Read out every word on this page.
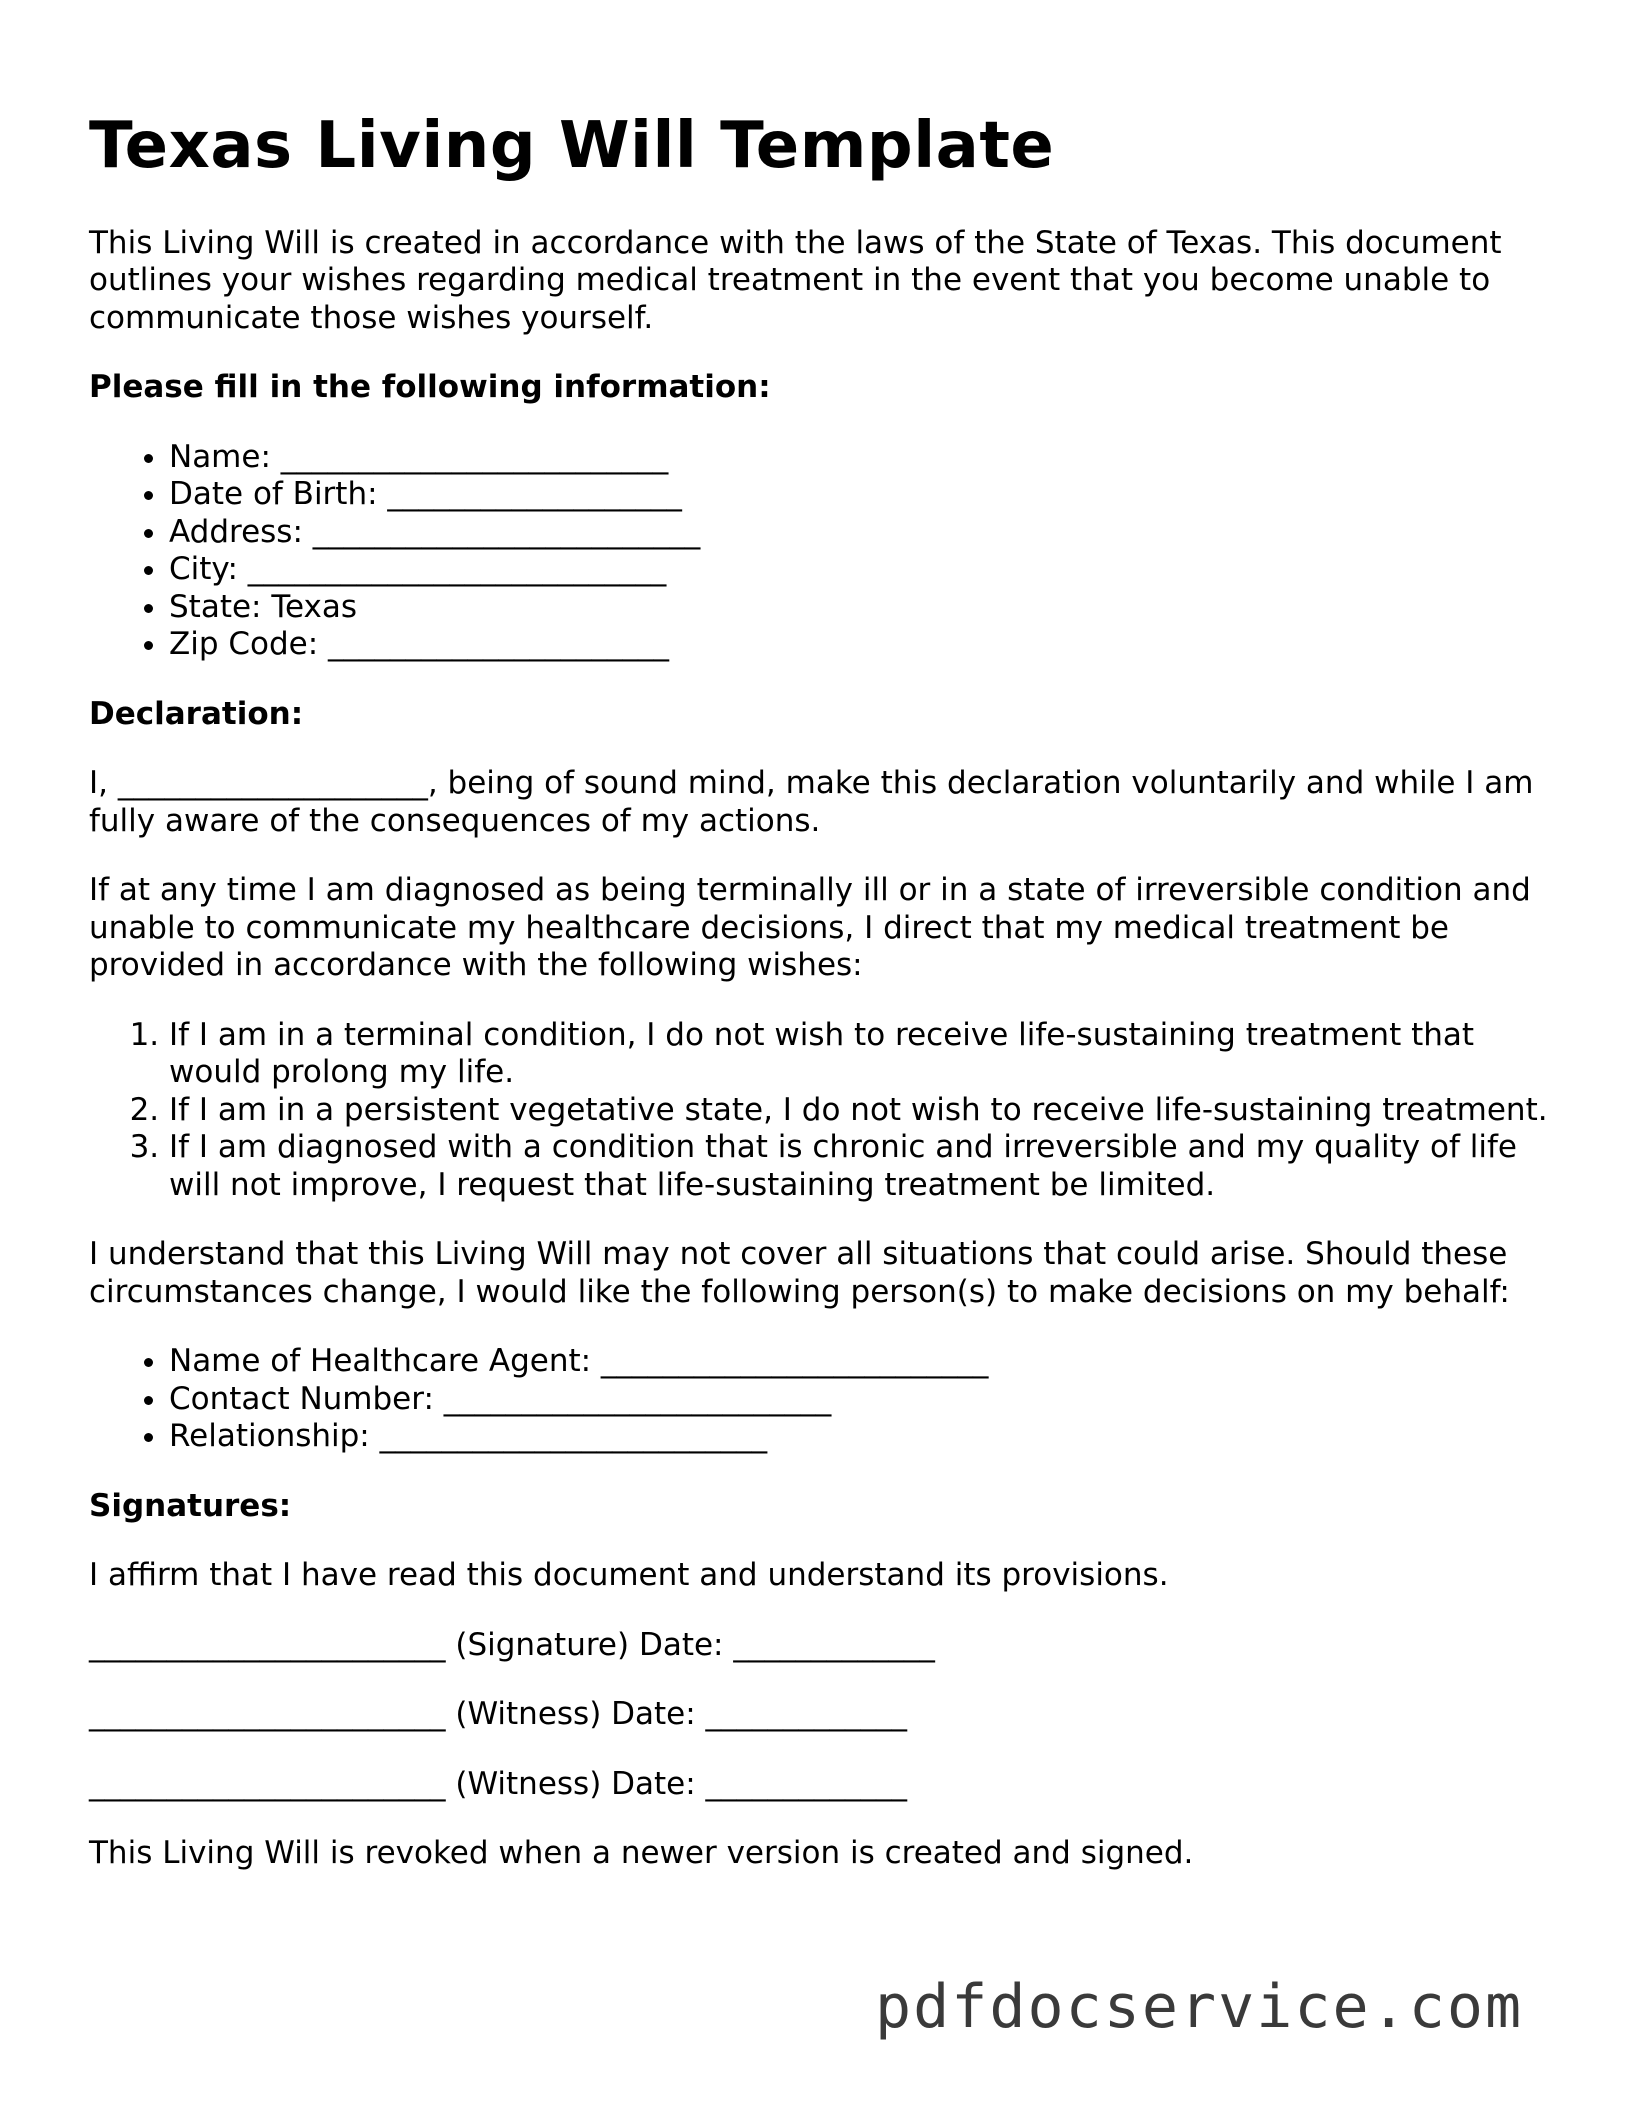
Texas Living Will Template

This Living Will is created in accordance with the laws of the State of Texas. This document outlines your wishes regarding medical treatment in the event that you become unable to communicate those wishes yourself.

Please fill in the following information:

• Name: _________________________
• Date of Birth: ___________________
• Address: _________________________
• City: ___________________________
• State: Texas
• Zip Code: ______________________

Declaration:

I, ____________________, being of sound mind, make this declaration voluntarily and while I am fully aware of the consequences of my actions.

If at any time I am diagnosed as being terminally ill or in a state of irreversible condition and unable to communicate my healthcare decisions, I direct that my medical treatment be provided in accordance with the following wishes:

1. If I am in a terminal condition, I do not wish to receive life-sustaining treatment that would prolong my life.
2. If I am in a persistent vegetative state, I do not wish to receive life-sustaining treatment.
3. If I am diagnosed with a condition that is chronic and irreversible and my quality of life will not improve, I request that life-sustaining treatment be limited.

I understand that this Living Will may not cover all situations that could arise. Should these circumstances change, I would like the following person(s) to make decisions on my behalf:

• Name of Healthcare Agent: _________________________
• Contact Number: _________________________
• Relationship: _________________________

Signatures:

I affirm that I have read this document and understand its provisions.

_______________________ (Signature) Date: _____________

_______________________ (Witness) Date: _____________

_______________________ (Witness) Date: _____________

This Living Will is revoked when a newer version is created and signed.

pdfdocservice.com
